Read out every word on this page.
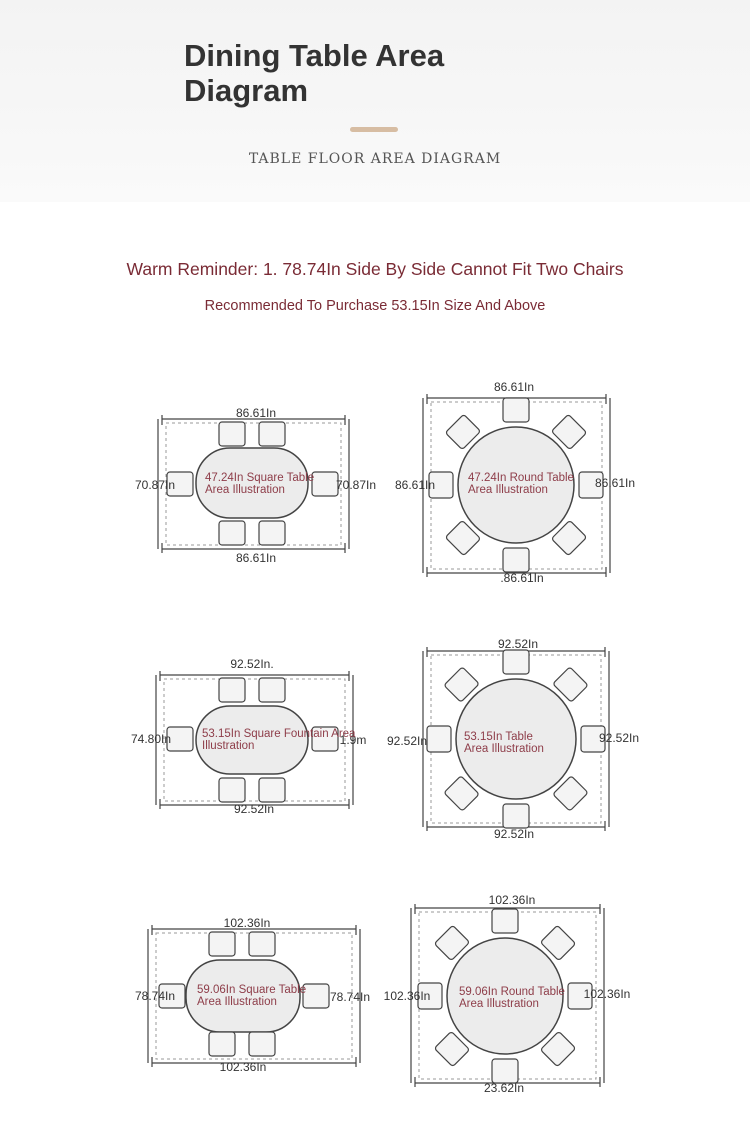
Dining Table Area Diagram
TABLE FLOOR AREA DIAGRAM
Warm Reminder: 1. 78.74In Side By Side Cannot Fit Two Chairs
Recommended To Purchase 53.15In Size And Above
86.61In
86.61In
70.87In	70.87In
47.24In Square Table
Area Illustration
86.61In
.86.61In
86.61In	86.61In
47.24In Round Table
Area Illustration
92.52In.
92.52In
74.80In	1.9m
53.15In Square Fountain Area
Illustration
92.52In
92.52In
92.52In	92.52In
53.15In Table
Area Illustration
102.36In
102.36In
78.74In	78.74In
59.06In Square Table
Area Illustration
102.36In
23.62In
102.36In	102.36In
59.06In Round Table
Area Illustration
